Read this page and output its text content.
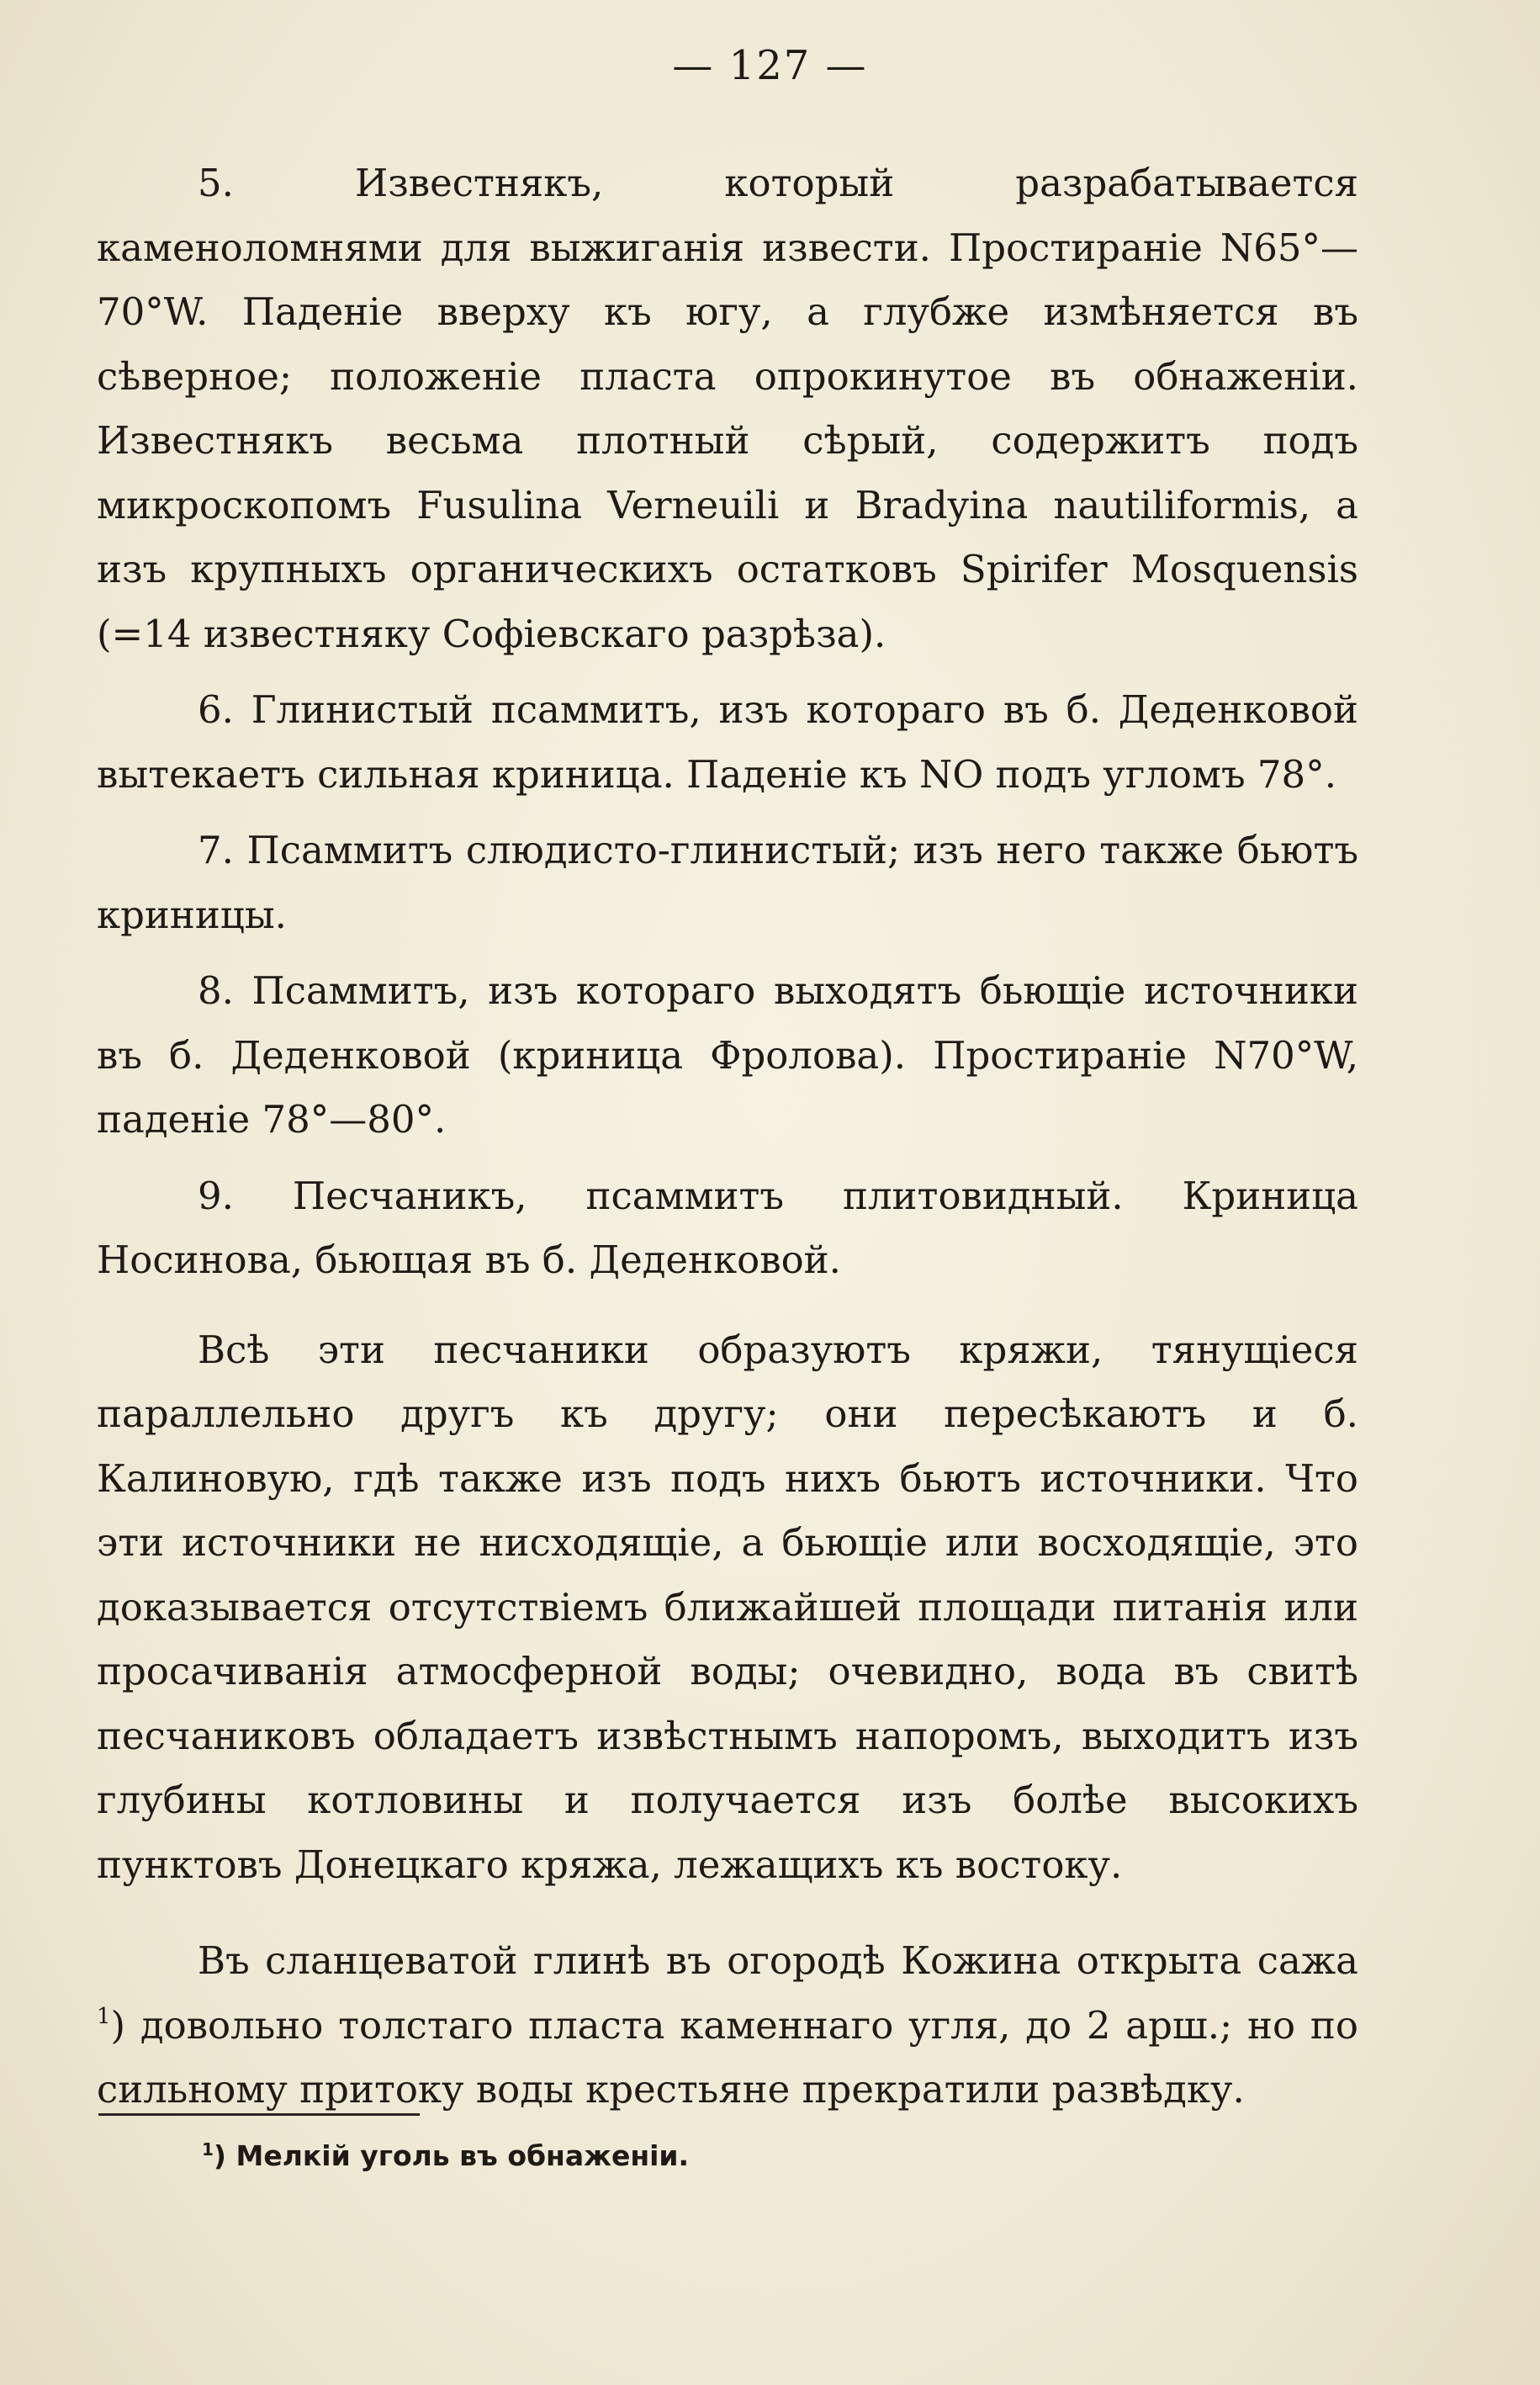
— 127 —

5.	Известнякъ, который разрабатывается каменоломнями для выжиганія извести. Простираніе N65°—70°W. Паденіе вверху къ югу, а глубже измѣняется въ сѣверное; положеніе пласта опрокинутое въ обнаженіи. Известнякъ весьма плотный сѣрый, содержитъ подъ микроскопомъ Fusulina Verneuili и Bradyina nautiliformis, а изъ крупныхъ органическихъ остатковъ Spirifer Mosquensis (=14 известняку Софіевскаго разрѣза).

6. Глинистый псаммитъ, изъ котораго въ б. Деденковой вытекаетъ сильная криница. Паденіе къ NO подъ угломъ 78°.

7. Псаммитъ слюдисто-глинистый; изъ него также бьютъ криницы.

8. Псаммитъ, изъ котораго выходятъ бьющіе источники въ б. Деденковой (криница Фролова). Простираніе N70°W, паденіе 78°—80°.

9. Песчаникъ, псаммитъ плитовидный. Криница Носинова, бьющая въ б. Деденковой.

Всѣ эти песчаники образуютъ кряжи, тянущіеся параллельно другъ къ другу; они пересѣкаютъ и б. Калиновую, гдѣ также изъ подъ нихъ бьютъ источники. Что эти источники не нисходящіе, а бьющіе или восходящіе, это доказывается отсутствіемъ ближайшей площади питанія или просачиванія атмосферной воды; очевидно, вода въ свитѣ песчаниковъ обладаетъ извѣстнымъ напоромъ, выходитъ изъ глубины котловины и получается изъ болѣе высокихъ пунктовъ Донецкаго кряжа, лежащихъ къ востоку.

Въ сланцеватой глинѣ въ огородѣ Кожина открыта сажа $^1$) довольно толстаго пласта каменнаго угля, до 2 арш.; но по сильному притоку воды крестьяне прекратили развѣдку.

$^1$) Мелкій уголь въ обнаженіи.
